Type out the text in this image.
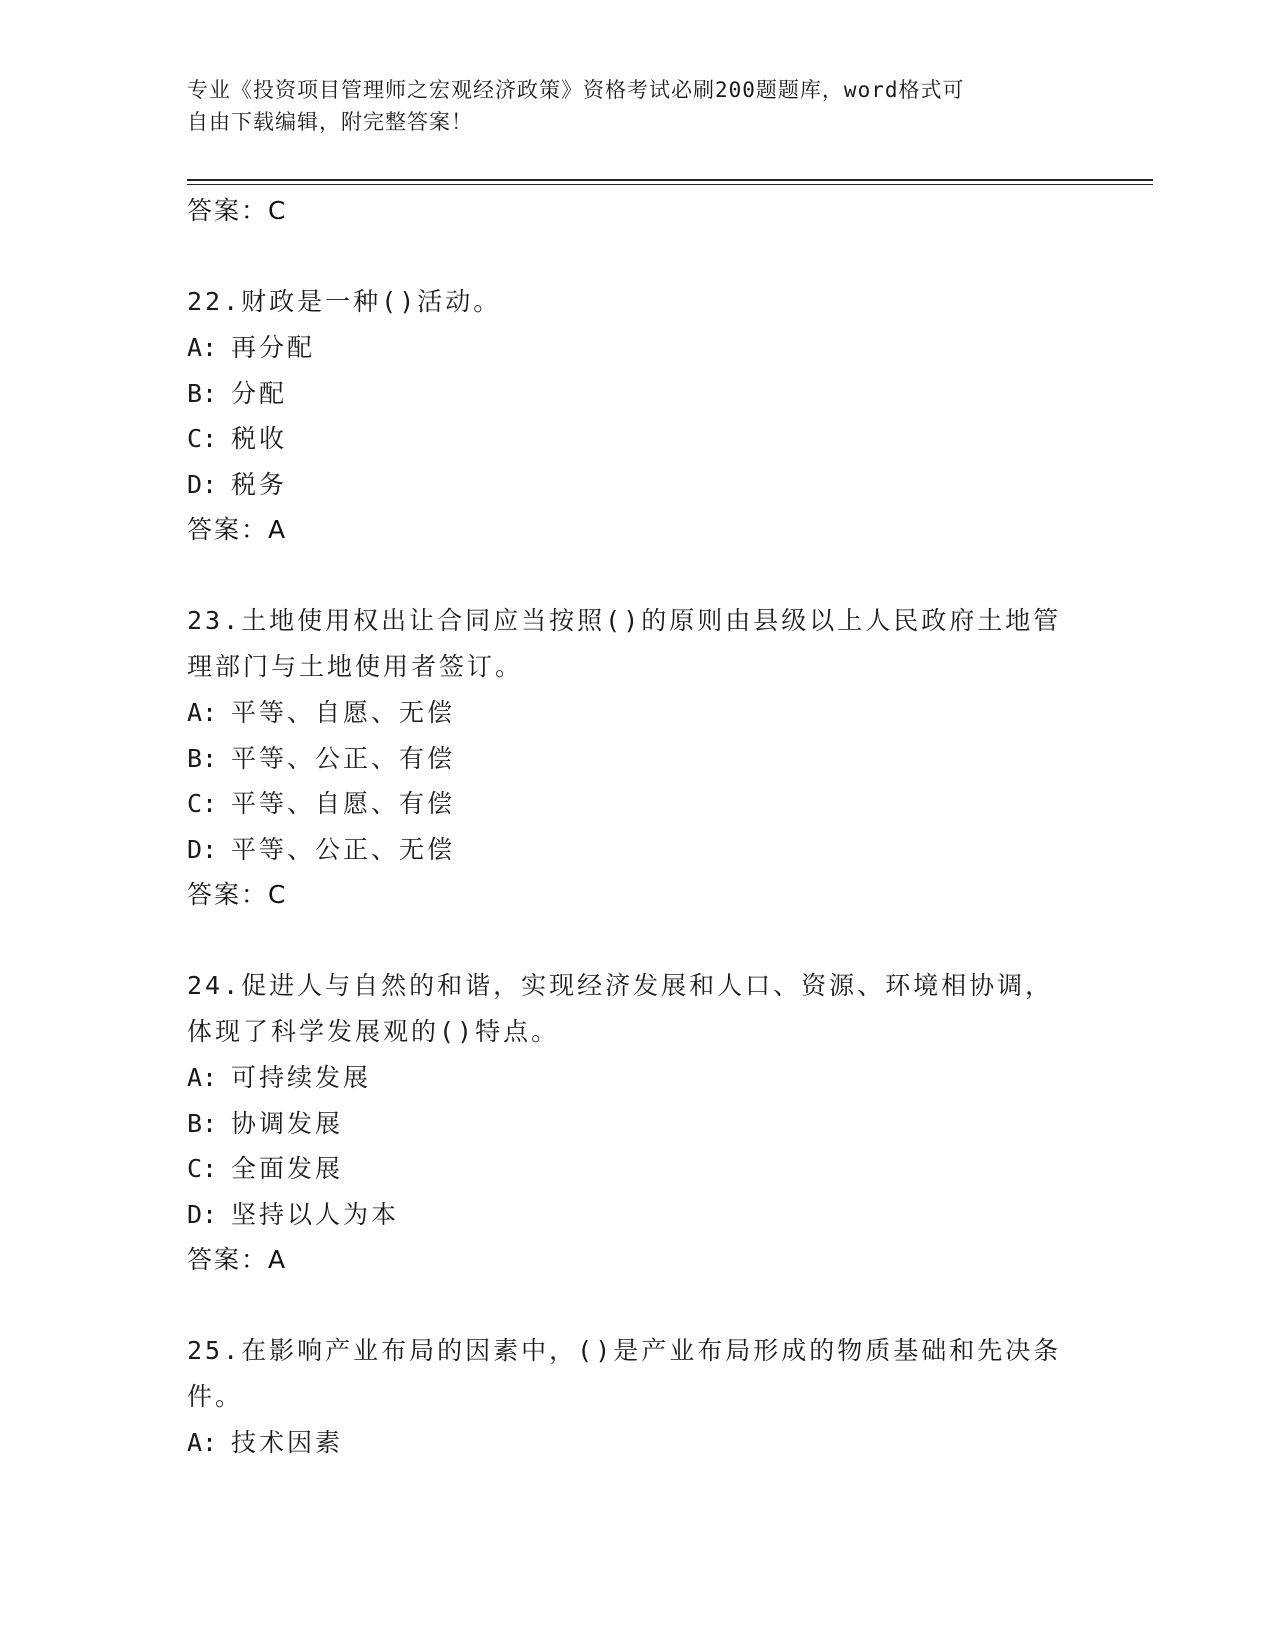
专业《投资项目管理师之宏观经济政策》资格考试必刷200题题库，word格式可
自由下载编辑，附完整答案！
答案：C
22.财政是一种()活动。
A: 再分配
B: 分配
C: 税收
D: 税务
答案：A
23.土地使用权出让合同应当按照()的原则由县级以上人民政府土地管
理部门与土地使用者签订。
A: 平等、自愿、无偿
B: 平等、公正、有偿
C: 平等、自愿、有偿
D: 平等、公正、无偿
答案：C
24.促进人与自然的和谐，实现经济发展和人口、资源、环境相协调，
体现了科学发展观的()特点。
A: 可持续发展
B: 协调发展
C: 全面发展
D: 坚持以人为本
答案：A
25.在影响产业布局的因素中，()是产业布局形成的物质基础和先决条
件。
A: 技术因素
